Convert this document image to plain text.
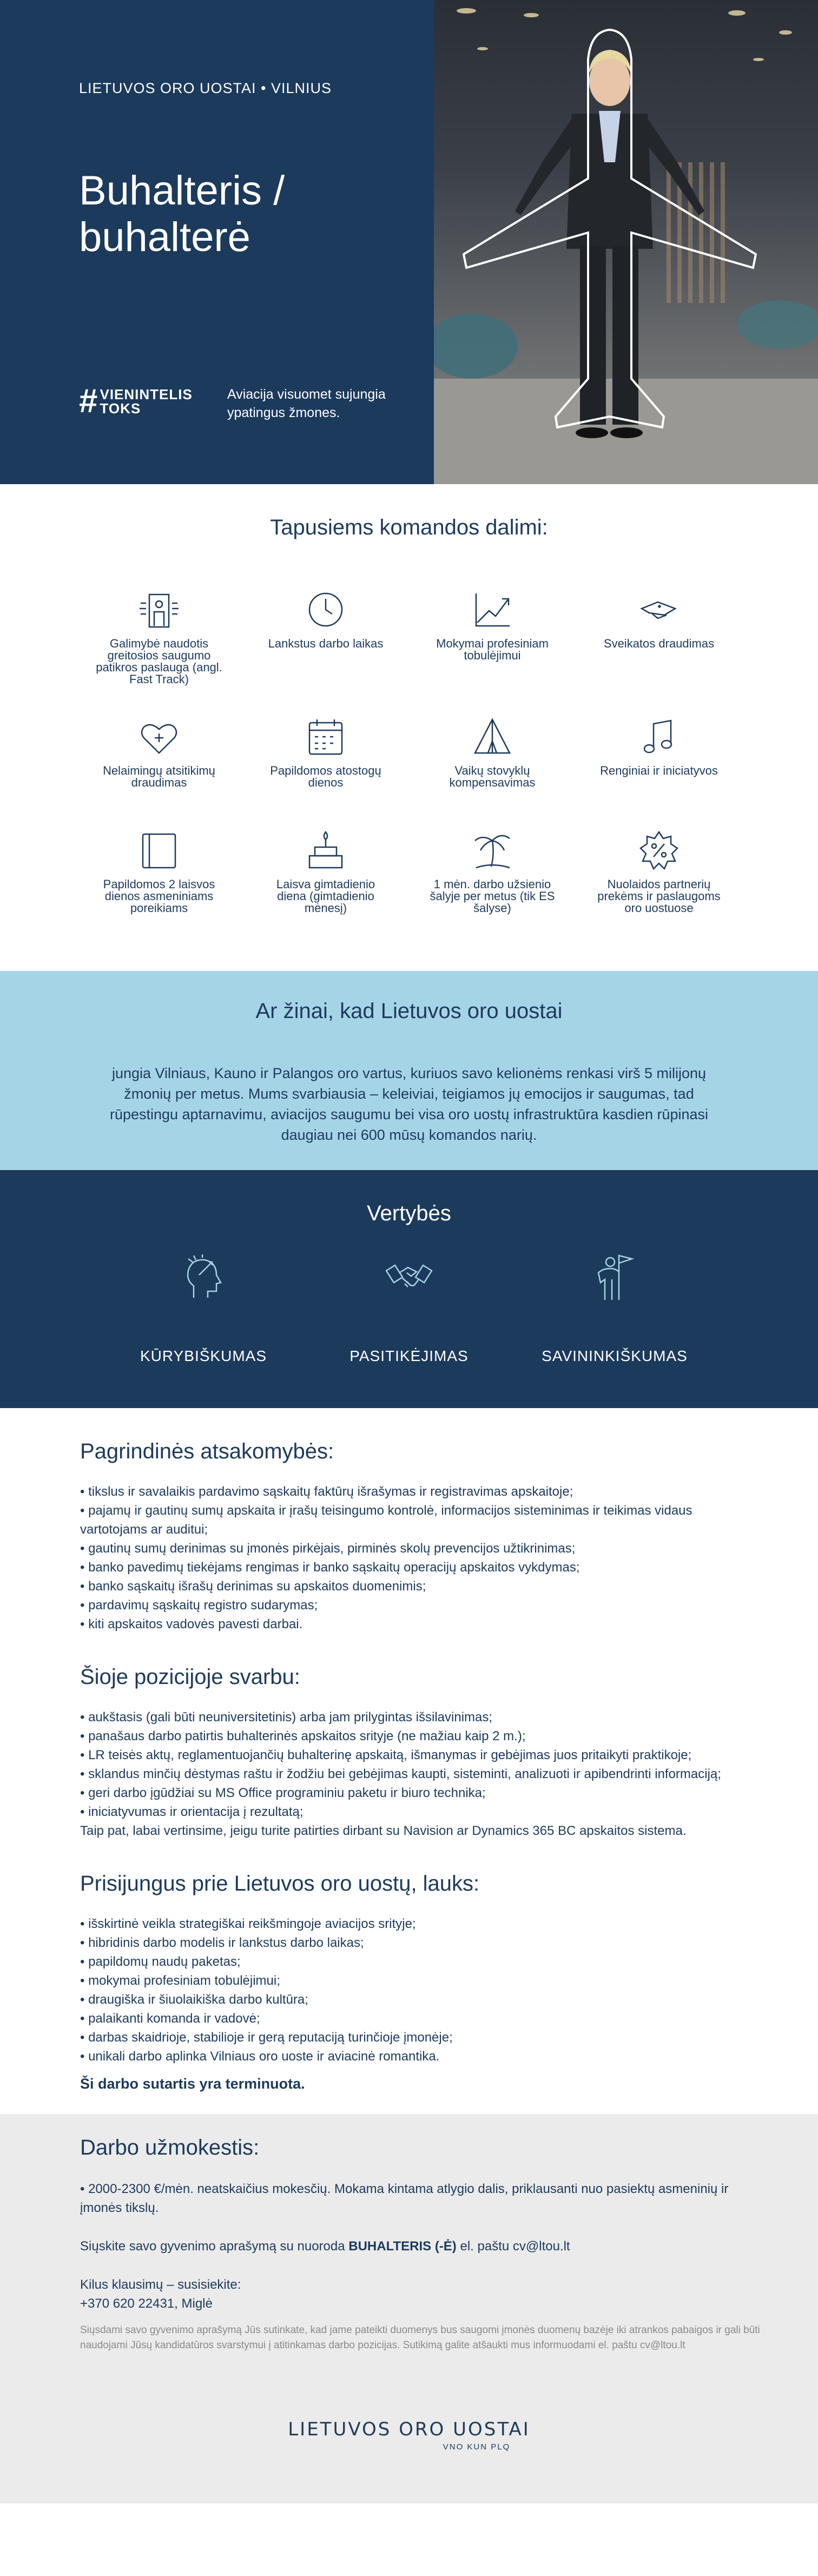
LIETUVOS ORO UOSTAI • VILNIUS
Buhalteris / buhalterė
# VIENINTELIS
TOKS
Aviacija visuomet sujungia ypatingus žmones.
Tapusiems komandos dalimi:
Galimybė naudotis greitosios saugumo patikros paslauga (angl. Fast Track)
Lankstus darbo laikas	Mokymai profesiniam tobulėjimui
Sveikatos draudimas
Nelaimingų atsitikimų draudimas
Papildomos atostogų dienos
Vaikų stovyklų kompensavimas
Renginiai ir iniciatyvos
Papildomos 2 laisvos dienos asmeniniams poreikiams
Laisva gimtadienio diena (gimtadienio mėnesį)
1 mėn. darbo užsienio šalyje per metus (tik ES šalyse)
Nuolaidos partnerių prekėms ir paslaugoms oro uostuose
Ar žinai, kad Lietuvos oro uostai

jungia Vilniaus, Kauno ir Palangos oro vartus, kuriuos savo kelionėms renkasi virš 5 milijonų žmonių per metus. Mums svarbiausia – keleiviai, teigiamos jų emocijos ir saugumas, tad rūpestingu aptarnavimu, aviacijos saugumu bei visa oro uostų infrastruktūra kasdien rūpinasi daugiau nei 600 mūsų komandos narių.

Vertybės
KŪRYBIŠKUMAS	PASITIKĖJIMAS	SAVININKIŠKUMAS
Pagrindinės atsakomybės:
• tikslus ir savalaikis pardavimo sąskaitų faktūrų išrašymas ir registravimas apskaitoje;
• pajamų ir gautinų sumų apskaita ir įrašų teisingumo kontrolė, informacijos sisteminimas ir teikimas vidaus vartotojams ar auditui;
• gautinų sumų derinimas su įmonės pirkėjais, pirminės skolų prevencijos užtikrinimas;
• banko pavedimų tiekėjams rengimas ir banko sąskaitų operacijų apskaitos vykdymas;
• banko sąskaitų išrašų derinimas su apskaitos duomenimis;
• pardavimų sąskaitų registro sudarymas;
• kiti apskaitos vadovės pavesti darbai.
Šioje pozicijoje svarbu:
• aukštasis (gali būti neuniversitetinis) arba jam prilygintas išsilavinimas;
• panašaus darbo patirtis buhalterinės apskaitos srityje (ne mažiau kaip 2 m.);
• LR teisės aktų, reglamentuojančių buhalterinę apskaitą, išmanymas ir gebėjimas juos pritaikyti praktikoje;
• sklandus minčių dėstymas raštu ir žodžiu bei gebėjimas kaupti, sisteminti, analizuoti ir apibendrinti informaciją;
• geri darbo įgūdžiai su MS Office programiniu paketu ir biuro technika;
• iniciatyvumas ir orientacija į rezultatą;

Taip pat, labai vertinsime, jeigu turite patirties dirbant su Navision ar Dynamics 365 BC apskaitos sistema.

Prisijungus prie Lietuvos oro uostų, lauks:
• išskirtinė veikla strategiškai reikšmingoje aviacijos srityje;
• hibridinis darbo modelis ir lankstus darbo laikas;
• papildomų naudų paketas;
• mokymai profesiniam tobulėjimui;
• draugiška ir šiuolaikiška darbo kultūra;
• palaikanti komanda ir vadovė;
• darbas skaidrioje, stabilioje ir gerą reputaciją turinčioje įmonėje;
• unikali darbo aplinka Vilniaus oro uoste ir aviacinė romantika.

Ši darbo sutartis yra terminuota.

Darbo užmokestis:

• 2000-2300 €/mėn. neatskaičius mokesčių. Mokama kintama atlygio dalis, priklausanti nuo pasiektų asmeninių ir įmonės tikslų.

Siųskite savo gyvenimo aprašymą su nuoroda BUHALTERIS (-Ė) el. paštu cv@ltou.lt

Kilus klausimų – susisiekite:
+370 620 22431, Miglė

Siųsdami savo gyvenimo aprašymą Jūs sutinkate, kad jame pateikti duomenys bus saugomi įmonės duomenų bazėje iki atrankos pabaigos ir gali būti naudojami Jūsų kandidatūros svarstymui į atitinkamas darbo pozicijas. Sutikimą galite atšaukti mus informuodami el. paštu cv@ltou.lt

LIETUVOS ORO UOSTAI
VNO KUN PLQ
